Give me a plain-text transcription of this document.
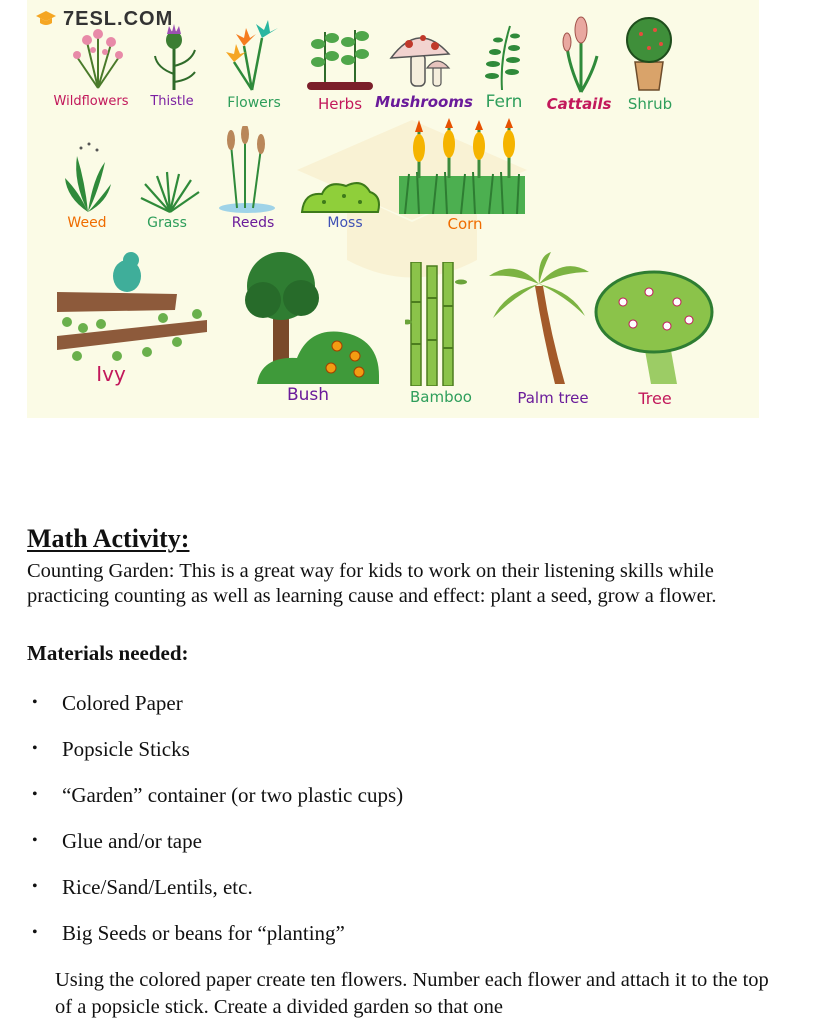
7ESL.COM
Wildflowers Thistle Flowers Herbs Mushrooms Fern Cattails Shrub
Weed	Grass	Reeds	Moss	Corn
Ivy
Bush	Bamboo	Palm tree	Tree
Math Activity:
Counting Garden: This is a great way for kids to work on their listening skills while practicing counting as well as learning cause and effect: plant a seed, grow a flower.
Materials needed:
• Colored Paper
• Popsicle Sticks
• “Garden” container (or two plastic cups)
• Glue and/or tape
• Rice/Sand/Lentils, etc.
• Big Seeds or beans for “planting”
Using the colored paper create ten flowers. Number each flower and attach it to the top of a popsicle stick. Create a divided garden so that one
